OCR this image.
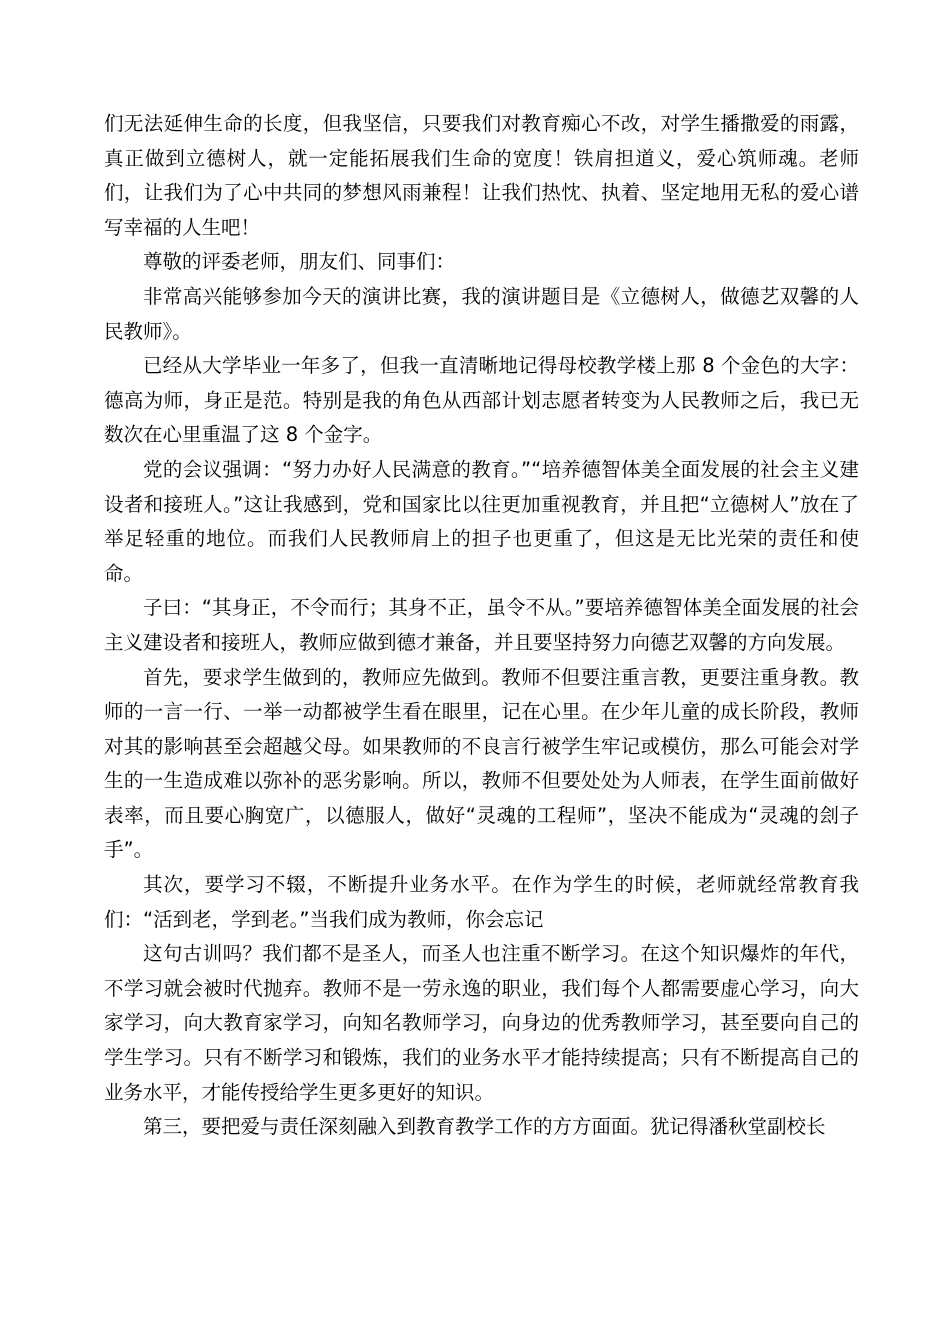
们无法延伸生命的长度，但我坚信，只要我们对教育痴心不改，对学生播撒爱的雨露，真正做到立德树人，就一定能拓展我们生命的宽度！铁肩担道义，爱心筑师魂。老师们，让我们为了心中共同的梦想风雨兼程！让我们热忱、执着、坚定地用无私的爱心谱写幸福的人生吧！

尊敬的评委老师，朋友们、同事们：

非常高兴能够参加今天的演讲比赛，我的演讲题目是《立德树人，做德艺双馨的人民教师》。

已经从大学毕业一年多了，但我一直清晰地记得母校教学楼上那 8 个金色的大字：德高为师，身正是范。特别是我的角色从西部计划志愿者转变为人民教师之后，我已无数次在心里重温了这 8 个金字。

党的会议强调：“努力办好人民满意的教育。”“培养德智体美全面发展的社会主义建设者和接班人。”这让我感到，党和国家比以往更加重视教育，并且把“立德树人”放在了举足轻重的地位。而我们人民教师肩上的担子也更重了，但这是无比光荣的责任和使命。

子曰：“其身正，不令而行；其身不正，虽令不从。”要培养德智体美全面发展的社会主义建设者和接班人，教师应做到德才兼备，并且要坚持努力向德艺双馨的方向发展。

首先，要求学生做到的，教师应先做到。教师不但要注重言教，更要注重身教。教师的一言一行、一举一动都被学生看在眼里，记在心里。在少年儿童的成长阶段，教师对其的影响甚至会超越父母。如果教师的不良言行被学生牢记或模仿，那么可能会对学生的一生造成难以弥补的恶劣影响。所以，教师不但要处处为人师表，在学生面前做好表率，而且要心胸宽广，以德服人，做好“灵魂的工程师”，坚决不能成为“灵魂的刽子手”。

其次，要学习不辍，不断提升业务水平。在作为学生的时候，老师就经常教育我们：“活到老，学到老。”当我们成为教师，你会忘记

这句古训吗？我们都不是圣人，而圣人也注重不断学习。在这个知识爆炸的年代，不学习就会被时代抛弃。教师不是一劳永逸的职业，我们每个人都需要虚心学习，向大家学习，向大教育家学习，向知名教师学习，向身边的优秀教师学习，甚至要向自己的学生学习。只有不断学习和锻炼，我们的业务水平才能持续提高；只有不断提高自己的业务水平，才能传授给学生更多更好的知识。

第三，要把爱与责任深刻融入到教育教学工作的方方面面。犹记得潘秋堂副校长
